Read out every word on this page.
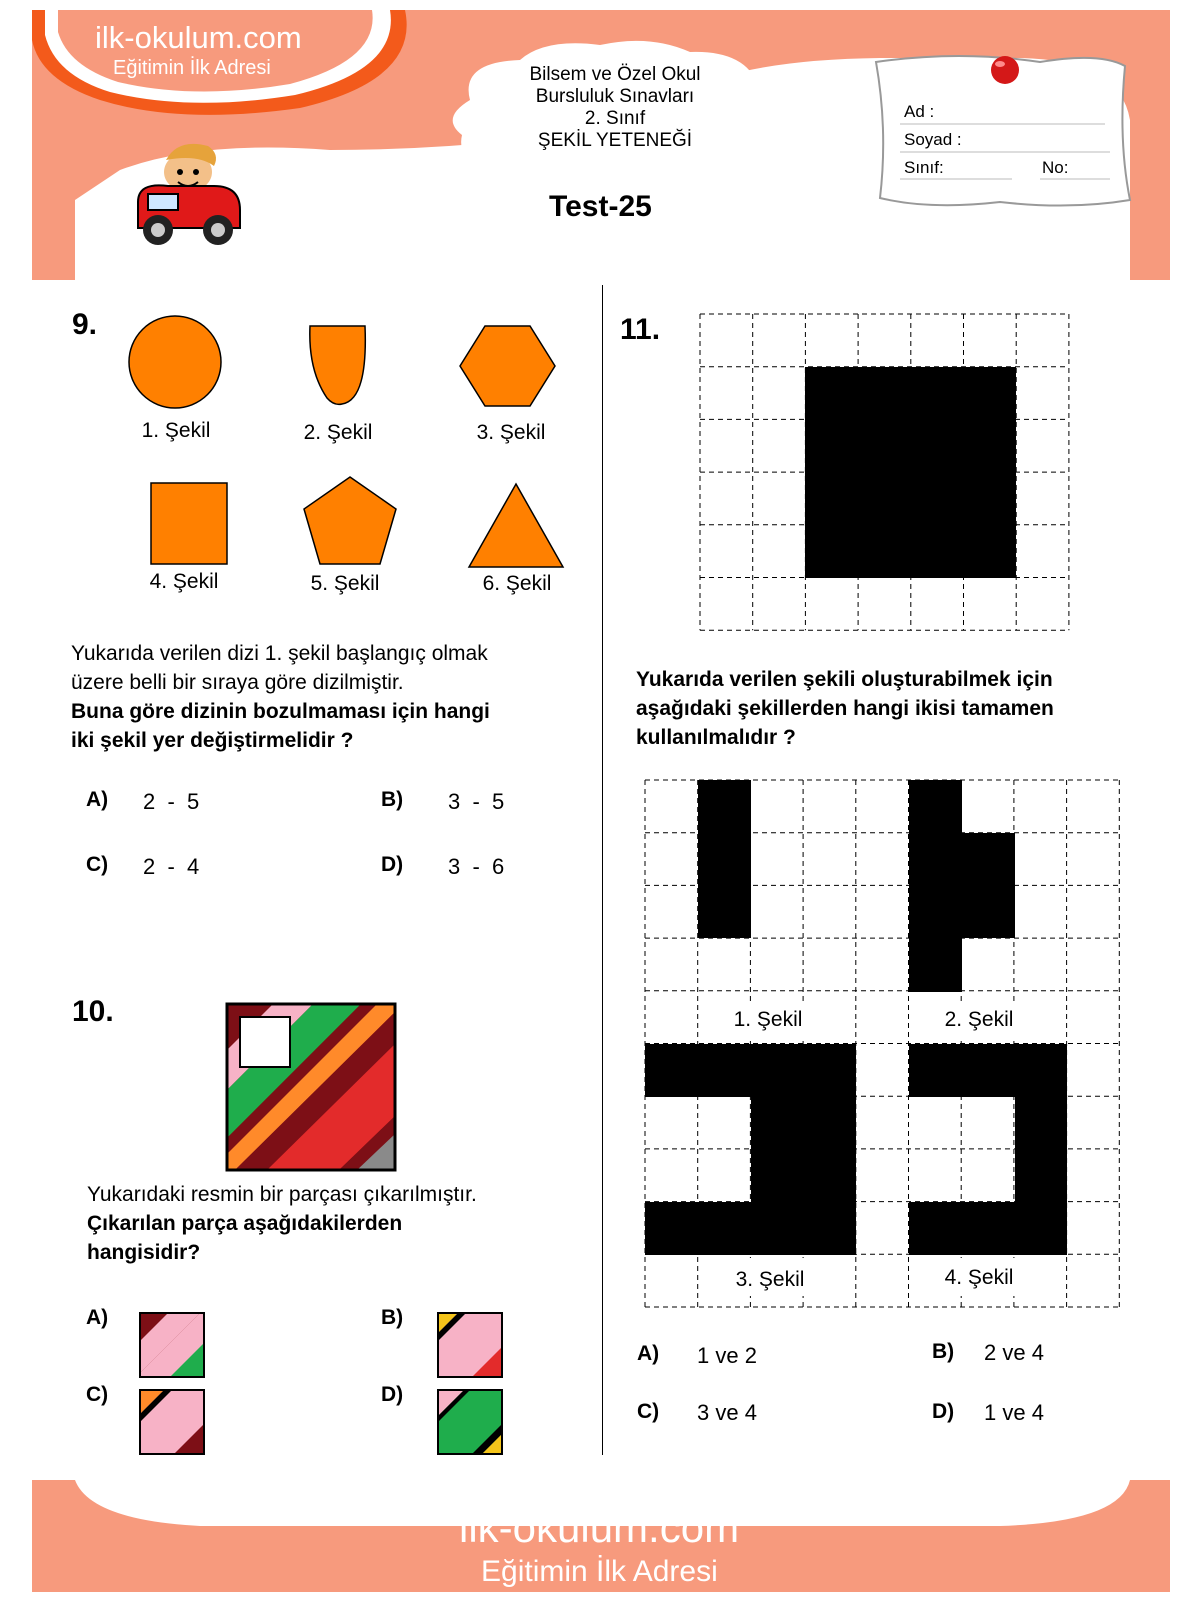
ilk-okulum.com
Eğitimin İlk Adresi	Bilsem ve Özel Okul
Bursluluk Sınavları
2. Sınıf
ŞEKİL YETENEĞİ
Test-25
Ad :
Soyad :
Sınıf:	No:
9.
1. Şekil	2. Şekil	3. Şekil
4. Şekil	5. Şekil	6. Şekil
Yukarıda verilen dizi 1. şekil başlangıç olmak
üzere belli bir sıraya göre dizilmiştir.
Buna göre dizinin bozulmaması için hangi
iki şekil yer değiştirmelidir ?
A) 2  -  5	B) 3  -  5
C) 2  -  4	D) 3  -  6
10.
Yukarıdaki resmin bir parçası çıkarılmıştır.
Çıkarılan parça aşağıdakilerden
hangisidir?
A)	B)
C)	D)
11.
Yukarıda verilen şekili oluşturabilmek için
aşağıdaki şekillerden hangi ikisi tamamen
kullanılmalıdır ?
1. Şekil	2. Şekil
3. Şekil	4. Şekil
A) 1 ve 2	B) 2 ve 4
C) 3 ve 4	D) 1 ve 4
ilk-okulum.com
Eğitimin İlk Adresi
